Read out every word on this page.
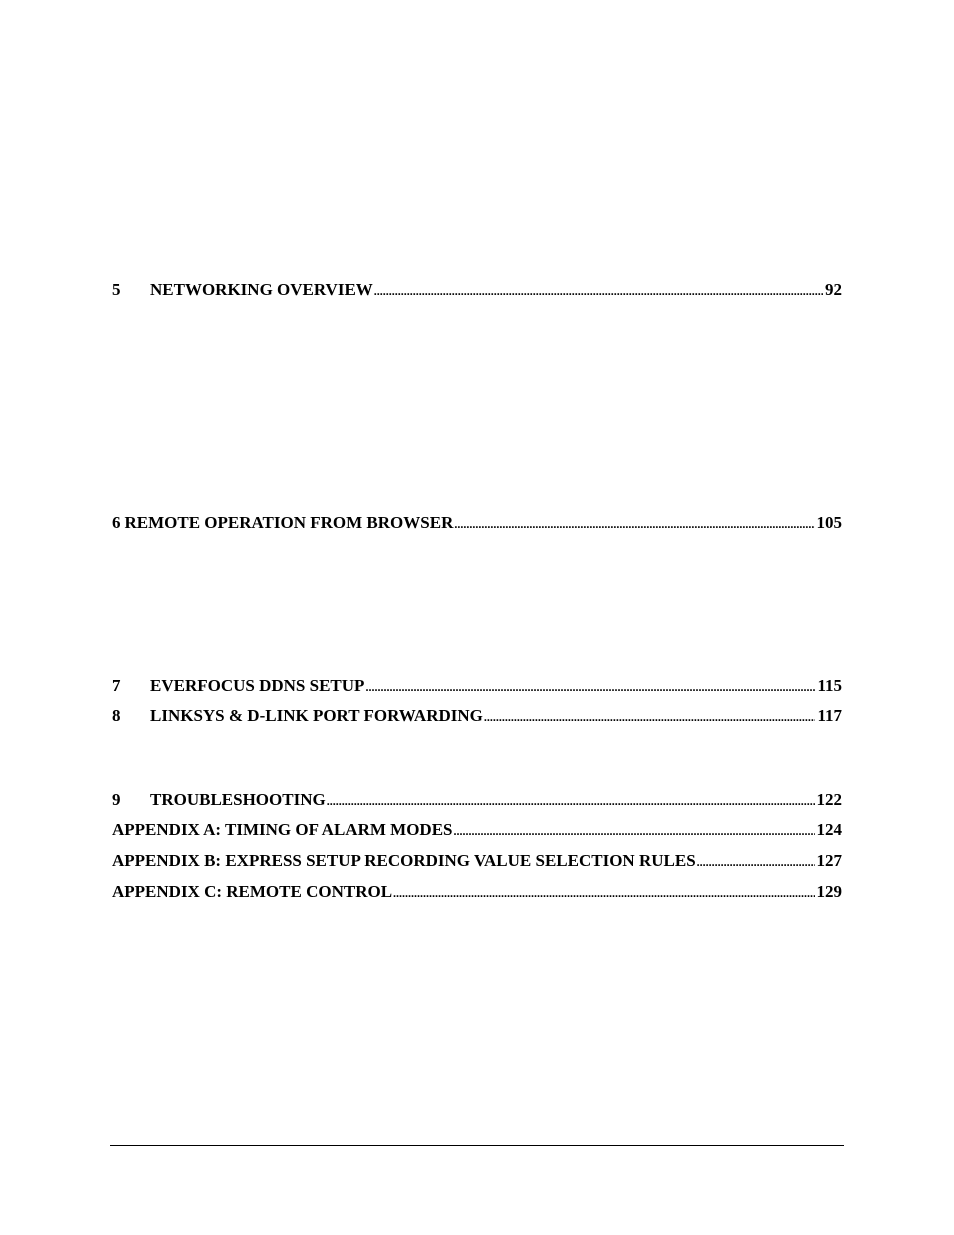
5	NETWORKING OVERVIEW .....	92
6 REMOTE OPERATION FROM BROWSER .....	105
7	EVERFOCUS DDNS SETUP .....	115
8	LINKSYS & D-LINK PORT FORWARDING .....	117
9	TROUBLESHOOTING .....	122
APPENDIX A: TIMING OF ALARM MODES .....	124
APPENDIX B: EXPRESS SETUP RECORDING VALUE SELECTION RULES .....	127
APPENDIX C: REMOTE CONTROL .....	129
